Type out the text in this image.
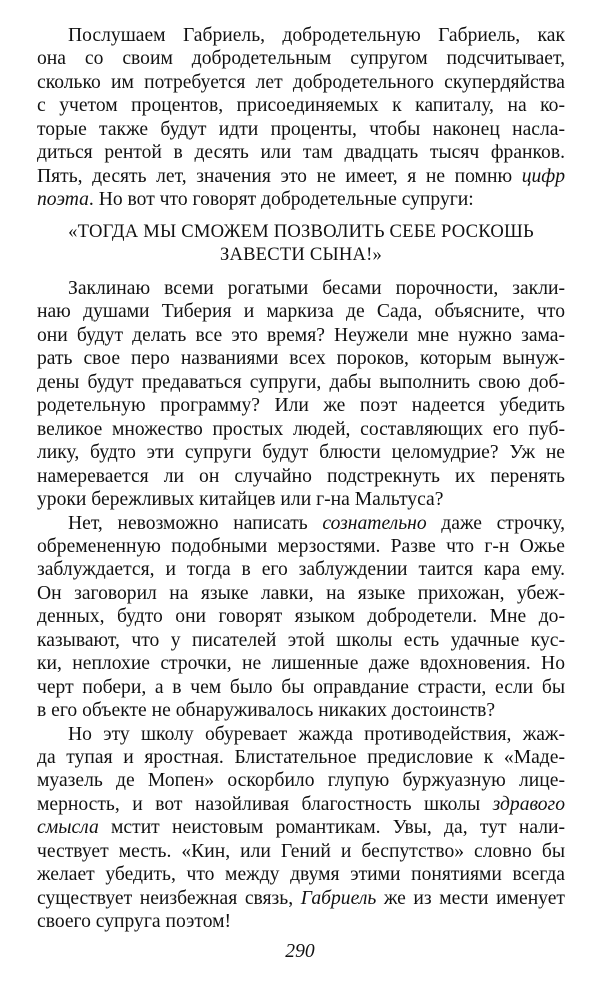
Послушаем Габриель, добродетельную Габриель, как
она со своим добродетельным супругом подсчитывает,
сколько им потребуется лет добродетельного скупердяйства
с учетом процентов, присоединяемых к капиталу, на ко-
торые также будут идти проценты, чтобы наконец насла-
диться рентой в десять или там двадцать тысяч франков.
Пять, десять лет, значения это не имеет, я не помню цифр
поэта. Но вот что говорят добродетельные супруги:
«ТОГДА МЫ СМОЖЕМ ПОЗВОЛИТЬ СЕБЕ РОСКОШЬ
ЗАВЕСТИ СЫНА!»
Заклинаю всеми рогатыми бесами порочности, закли-
наю душами Тиберия и маркиза де Сада, объясните, что
они будут делать все это время? Неужели мне нужно зама-
рать свое перо названиями всех пороков, которым вынуж-
дены будут предаваться супруги, дабы выполнить свою доб-
родетельную программу? Или же поэт надеется убедить
великое множество простых людей, составляющих его пуб-
лику, будто эти супруги будут блюсти целомудрие? Уж не
намеревается ли он случайно подстрекнуть их перенять
уроки бережливых китайцев или г-на Мальтуса?
Нет, невозможно написать сознательно даже строчку,
обремененную подобными мерзостями. Разве что г-н Ожье
заблуждается, и тогда в его заблуждении таится кара ему.
Он заговорил на языке лавки, на языке прихожан, убеж-
денных, будто они говорят языком добродетели. Мне до-
казывают, что у писателей этой школы есть удачные кус-
ки, неплохие строчки, не лишенные даже вдохновения. Но
черт побери, а в чем было бы оправдание страсти, если бы
в его объекте не обнаруживалось никаких достоинств?
Но эту школу обуревает жажда противодействия, жаж-
да тупая и яростная. Блистательное предисловие к «Маде-
муазель де Мопен» оскорбило глупую буржуазную лице-
мерность, и вот назойливая благостность школы здравого
смысла мстит неистовым романтикам. Увы, да, тут нали-
чествует месть. «Кин, или Гений и беспутство» словно бы
желает убедить, что между двумя этими понятиями всегда
существует неизбежная связь, Габриель же из мести именует
своего супруга поэтом!
290
